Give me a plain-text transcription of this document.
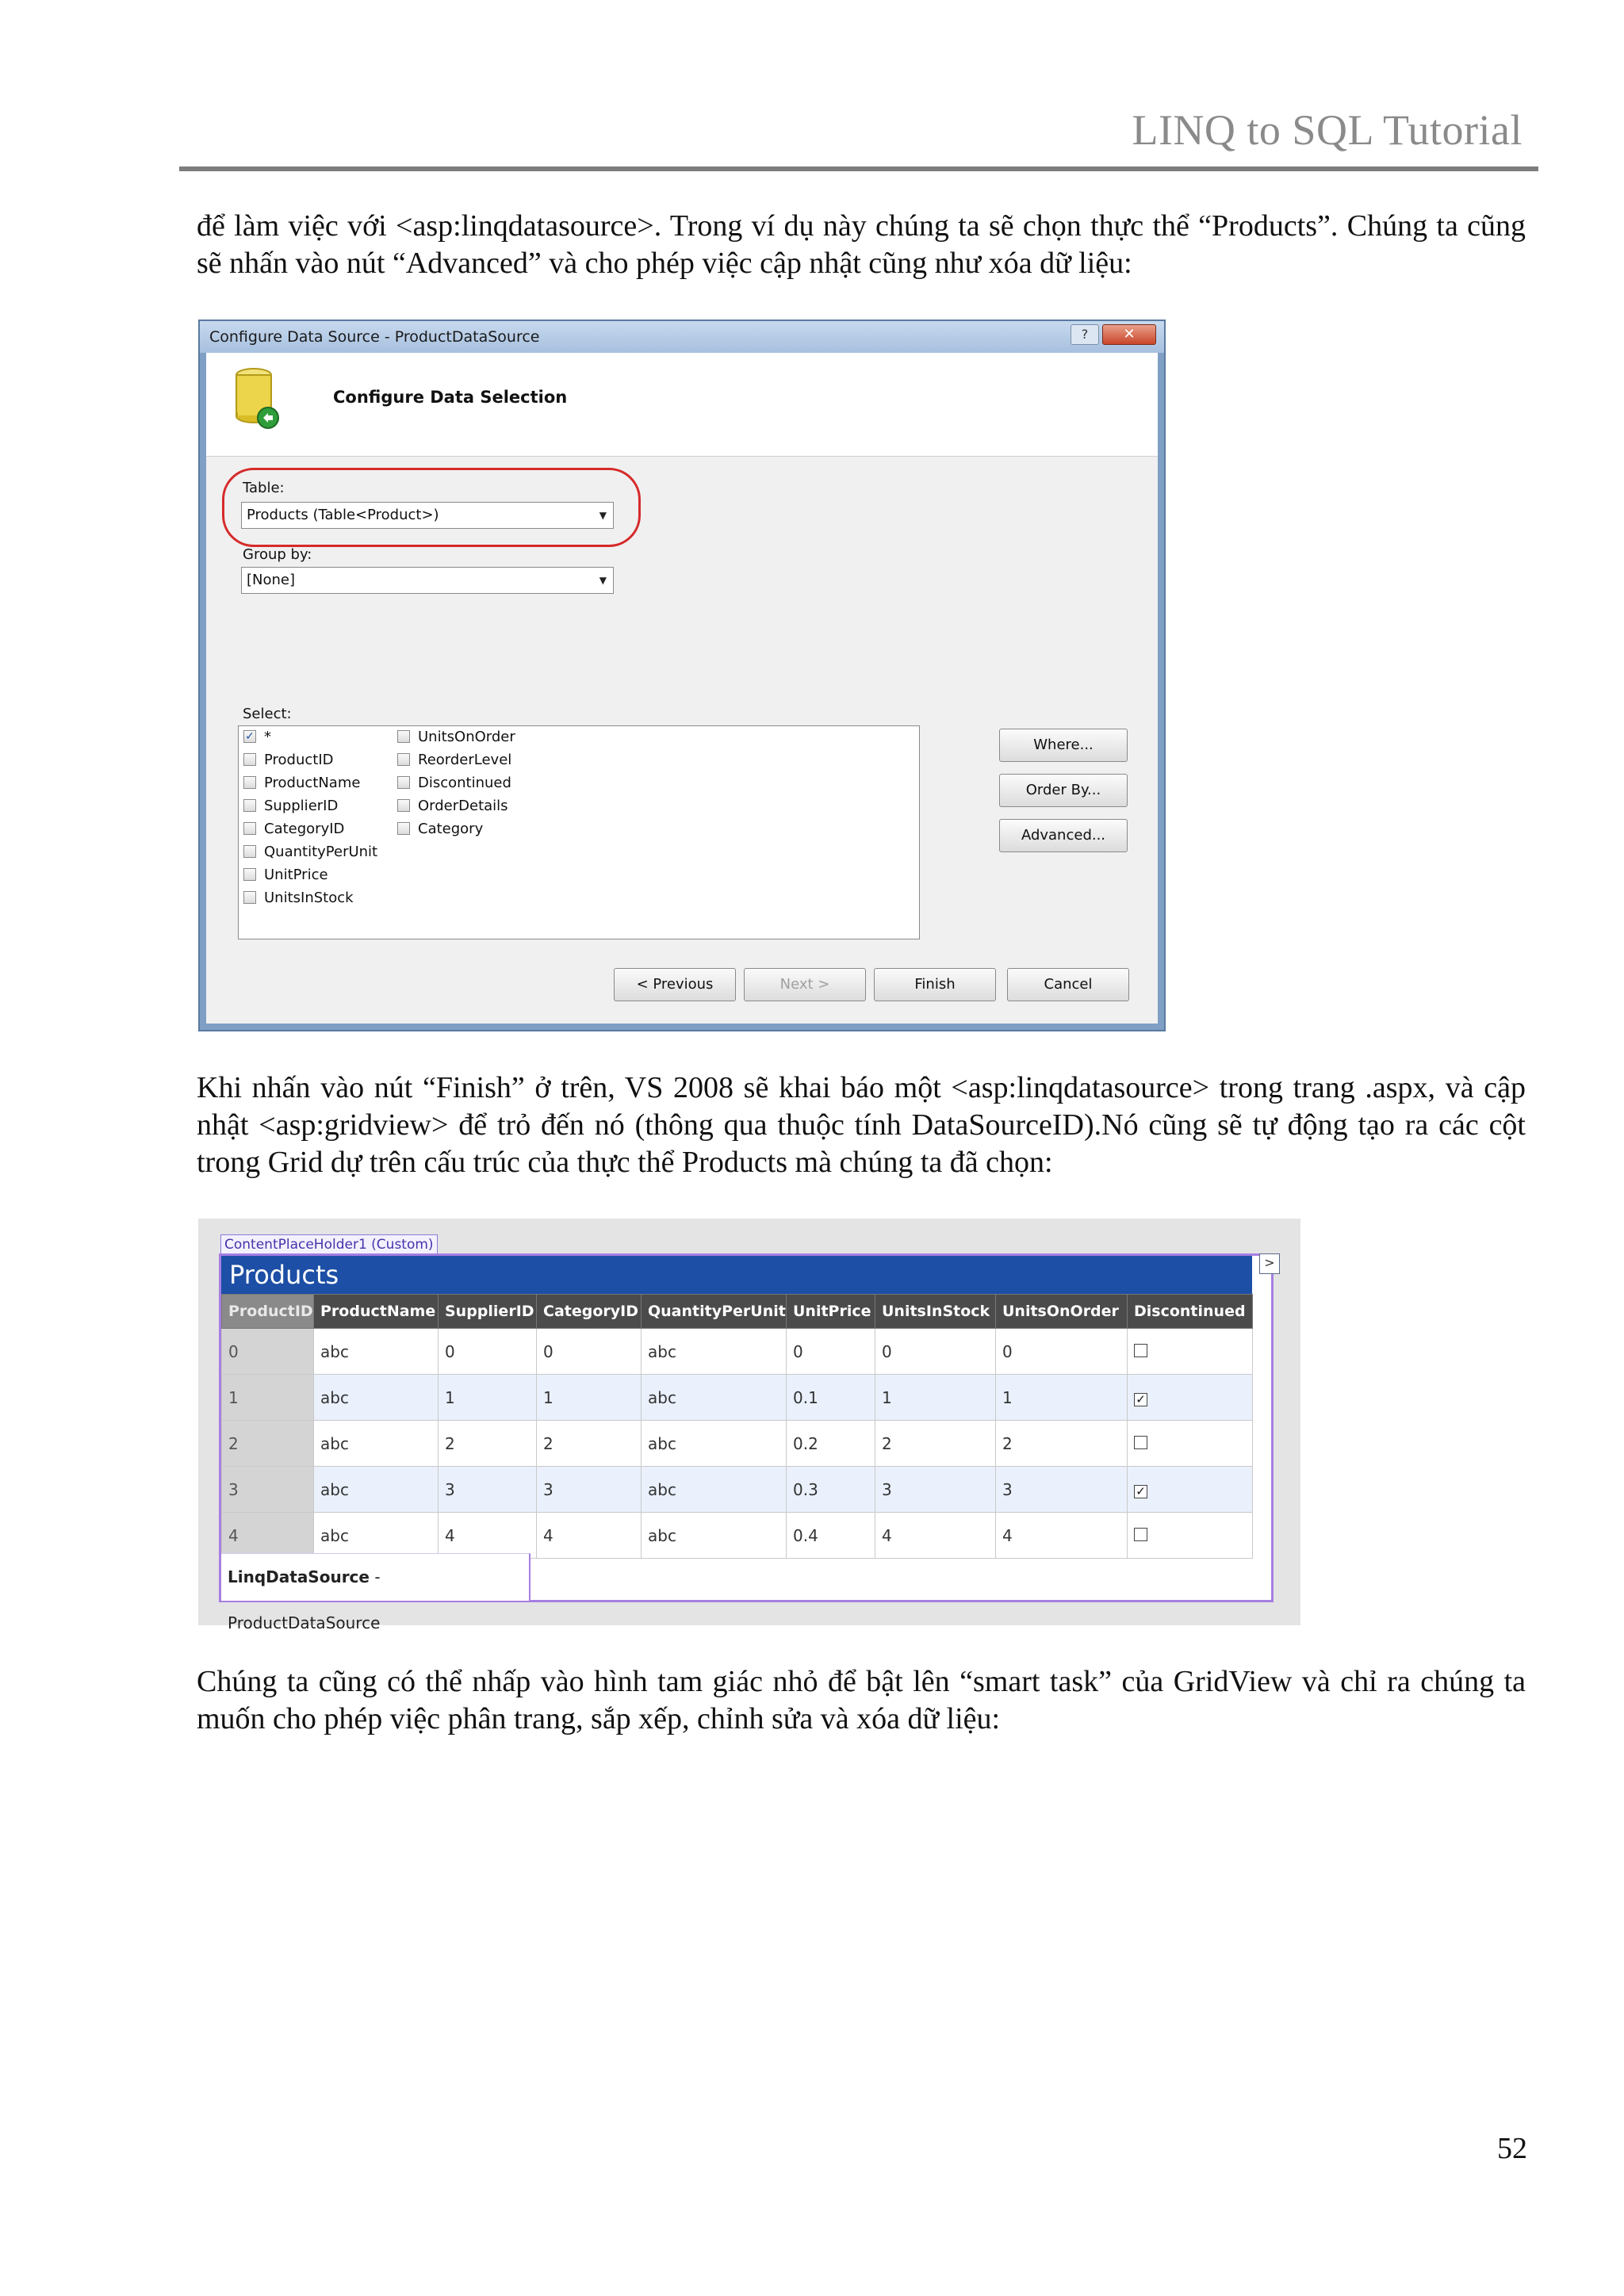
LINQ to SQL Tutorial

để làm việc với <asp:linqdatasource>. Trong ví dụ này chúng ta sẽ chọn thực thể “Products”. Chúng ta cũng sẽ nhấn vào nút “Advanced” và cho phép việc cập nhật cũng như xóa dữ liệu:

Configure Data Source - ProductDataSource	?	✕
Configure Data Selection
Table:
Products (Table<Product>)	▼
Group by:
[None]	▼
Select:
✓ *
ProductID
ProductName
SupplierID
CategoryID
QuantityPerUnit
UnitPrice
UnitsInStock
UnitsOnOrder
ReorderLevel
Discontinued
OrderDetails
Category
Where...
Order By...
Advanced...
< Previous	Next >	Finish	Cancel

Khi nhấn vào nút “Finish” ở trên, VS 2008 sẽ khai báo một <asp:linqdatasource> trong trang .aspx, và cập nhật <asp:gridview> để trỏ đến nó (thông qua thuộc tính DataSourceID).Nó cũng sẽ tự động tạo ra các cột trong Grid dự trên cấu trúc của thực thể Products mà chúng ta đã chọn:

ContentPlaceHolder1 (Custom)
Products
ProductID	ProductName	SupplierID	CategoryID	QuantityPerUnit	UnitPrice	UnitsInStock	UnitsOnOrder	Discontinued
0	abc	0	0	abc	0	0	0	
1	abc	1	1	abc	0.1	1	1	✓
2	abc	2	2	abc	0.2	2	2	
3	abc	3	3	abc	0.3	3	3	✓
4	abc	4	4	abc	0.4	4	4	
LinqDataSource - ProductDataSource
>

Chúng ta cũng có thể nhấp vào hình tam giác nhỏ để bật lên “smart task” của GridView và chỉ ra chúng ta muốn cho phép việc phân trang, sắp xếp, chỉnh sửa và xóa dữ liệu:

52
